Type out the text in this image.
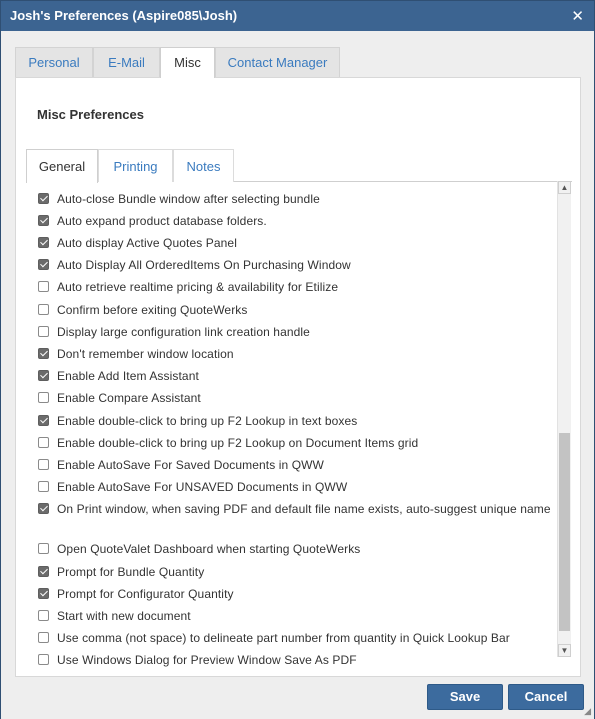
Josh's Preferences (Aspire085\Josh)	✕
Personal	E-Mail	Misc	Contact Manager
Misc Preferences
General	Printing	Notes
Auto-close Bundle window after selecting bundle
Auto expand product database folders.
Auto display Active Quotes Panel
Auto Display All OrderedItems On Purchasing Window
Auto retrieve realtime pricing & availability for Etilize
Confirm before exiting QuoteWerks
Display large configuration link creation handle
Don't remember window location
Enable Add Item Assistant
Enable Compare Assistant
Enable double-click to bring up F2 Lookup in text boxes
Enable double-click to bring up F2 Lookup on Document Items grid
Enable AutoSave For Saved Documents in QWW
Enable AutoSave For UNSAVED Documents in QWW
On Print window, when saving PDF and default file name exists, auto-suggest unique name
Open QuoteValet Dashboard when starting QuoteWerks
Prompt for Bundle Quantity
Prompt for Configurator Quantity
Start with new document
Use comma (not space) to delineate part number from quantity in Quick Lookup Bar
Use Windows Dialog for Preview Window Save As PDF
▲
▼
Save	Cancel
◢
